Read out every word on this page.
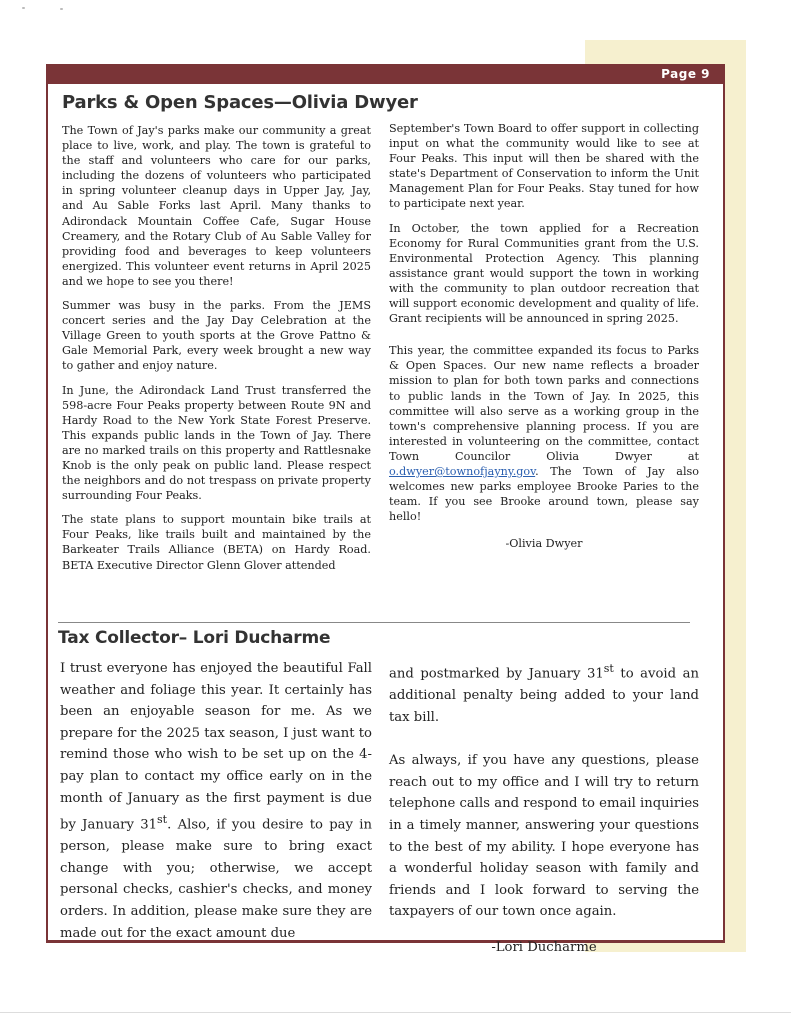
Page 9
Parks & Open Spaces—Olivia Dwyer

The Town of Jay's parks make our community a great place to live, work, and play. The town is grateful to the staff and volunteers who care for our parks, including the dozens of volunteers who participated in spring volunteer cleanup days in Upper Jay, Jay, and Au Sable Forks last April. Many thanks to Adirondack Mountain Coffee Cafe, Sugar House Creamery, and the Rotary Club of Au Sable Valley for providing food and beverages to keep volunteers energized. This volunteer event returns in April 2025 and we hope to see you there!

Summer was busy in the parks. From the JEMS concert series and the Jay Day Celebration at the Village Green to youth sports at the Grove Pattno & Gale Memorial Park, every week brought a new way to gather and enjoy nature.

In June, the Adirondack Land Trust transferred the 598-acre Four Peaks property between Route 9N and Hardy Road to the New York State Forest Preserve. This expands public lands in the Town of Jay. There are no marked trails on this property and Rattlesnake Knob is the only peak on public land. Please respect the neighbors and do not trespass on private property surrounding Four Peaks.

The state plans to support mountain bike trails at Four Peaks, like trails built and maintained by the Barkeater Trails Alliance (BETA) on Hardy Road. BETA Executive Director Glenn Glover attended

September's Town Board to offer support in collecting input on what the community would like to see at Four Peaks. This input will then be shared with the state's Department of Conservation to inform the Unit Management Plan for Four Peaks. Stay tuned for how to participate next year.

In October, the town applied for a Recreation Economy for Rural Communities grant from the U.S. Environmental Protection Agency. This planning assistance grant would support the town in working with the community to plan outdoor recreation that will support economic development and quality of life. Grant recipients will be announced in spring 2025.

This year, the committee expanded its focus to Parks & Open Spaces. Our new name reflects a broader mission to plan for both town parks and connections to public lands in the Town of Jay. In 2025, this committee will also serve as a working group in the town's comprehensive planning process. If you are interested in volunteering on the committee, contact Town Councilor Olivia Dwyer at o.dwyer@townofjayny.gov. The Town of Jay also welcomes new parks employee Brooke Paries to the team. If you see Brooke around town, please say hello!

-Olivia Dwyer

Tax Collector– Lori Ducharme

I trust everyone has enjoyed the beautiful Fall weather and foliage this year. It certainly has been an enjoyable season for me. As we prepare for the 2025 tax season, I just want to remind those who wish to be set up on the 4-pay plan to contact my office early on in the month of January as the first payment is due by January 31st. Also, if you desire to pay in person, please make sure to bring exact change with you; otherwise, we accept personal checks, cashier's checks, and money orders. In addition, please make sure they are made out for the exact amount due

and postmarked by January 31st to avoid an additional penalty being added to your land tax bill.

As always, if you have any questions, please reach out to my office and I will try to return telephone calls and respond to email inquiries in a timely manner, answering your questions to the best of my ability. I hope everyone has a wonderful holiday season with family and friends and I look forward to serving the taxpayers of our town once again.

-Lori Ducharme
